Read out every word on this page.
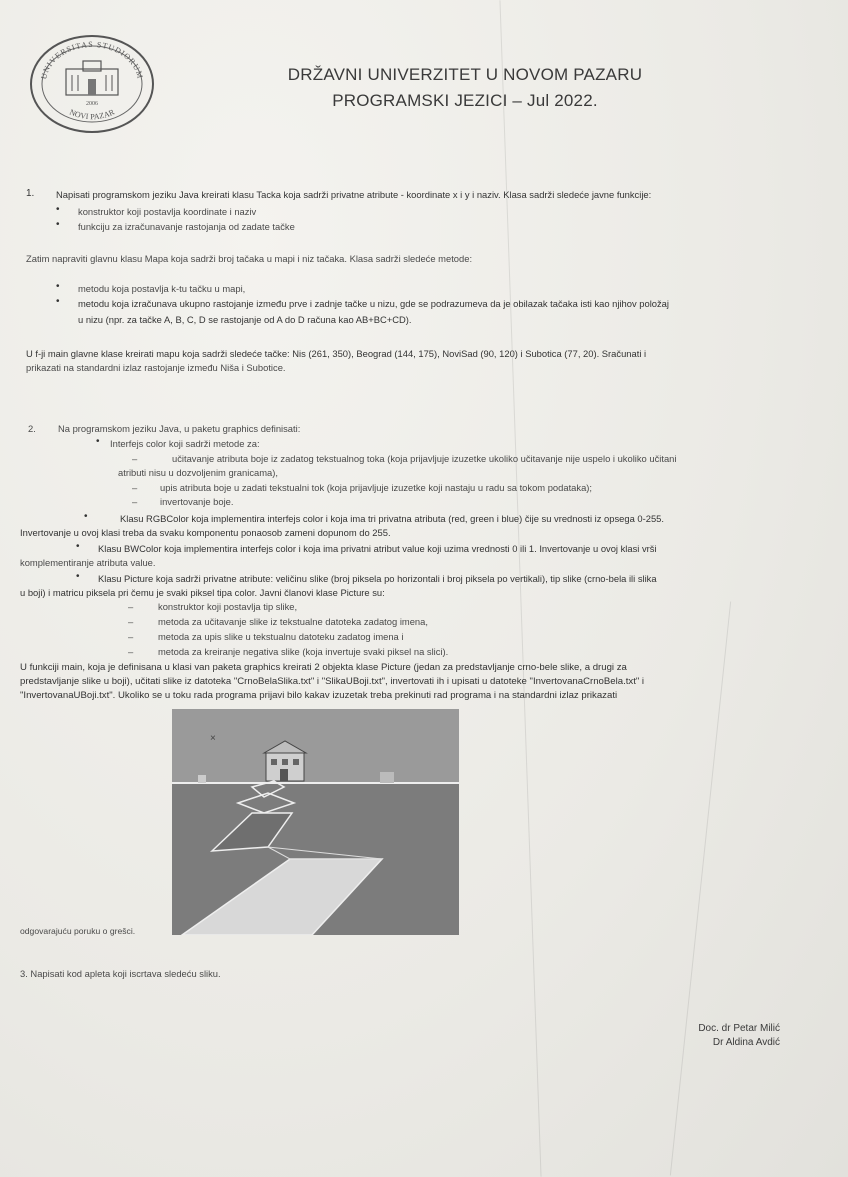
UNIVERSITAS STUDIORUM
NOVI PAZAR
2006
DRŽAVNI UNIVERZITET U NOVOM PAZARU
PROGRAMSKI JEZICI – Jul 2022.
1. Napisati programskom jeziku Java kreirati klasu Tacka koja sadrži privatne atribute - koordinate x i y i naziv. Klasa sadrži sledeće javne funkcije:
• konstruktor koji postavlja koordinate i naziv
• funkciju za izračunavanje rastojanja od zadate tačke
Zatim napraviti glavnu klasu Mapa koja sadrži broj tačaka u mapi i niz tačaka. Klasa sadrži sledeće metode:
• metodu koja postavlja k-tu tačku u mapi,
• metodu koja izračunava ukupno rastojanje između prve i zadnje tačke u nizu, gde se podrazumeva da je obilazak tačaka isti kao njihov položaj
u nizu (npr. za tačke A, B, C, D se rastojanje od A do D računa kao AB+BC+CD).
U f-ji main glavne klase kreirati mapu koja sadrži sledeće tačke: Nis (261, 350), Beograd (144, 175), NoviSad (90, 120) i Subotica (77, 20). Sračunati i
prikazati na standardni izlaz rastojanje između Niša i Subotice.
2. Na programskom jeziku Java, u paketu graphics definisati:
• Interfejs color koji sadrži metode za:
–	učitavanje atributa boje iz zadatog tekstualnog toka (koja prijavljuje izuzetke ukoliko učitavanje nije uspelo i ukoliko učitani
atributi nisu u dozvoljenim granicama),
– upis atributa boje u zadati tekstualni tok (koja prijavljuje izuzetke koji nastaju u radu sa tokom podataka);
– invertovanje boje.
•	Klasu RGBColor koja implementira interfejs color i koja ima tri privatna atributa (red, green i blue) čije su vrednosti iz opsega 0-255.
Invertovanje u ovoj klasi treba da svaku komponentu ponaosob zameni dopunom do 255.
• Klasu BWColor koja implementira interfejs color i koja ima privatni atribut value koji uzima vrednosti 0 ili 1. Invertovanje u ovoj klasi vrši
komplementiranje atributa value.
• Klasu Picture koja sadrži privatne atribute: veličinu slike (broj piksela po horizontali i broj piksela po vertikali), tip slike (crno-bela ili slika
u boji) i matricu piksela pri čemu je svaki piksel tipa color. Javni članovi klase Picture su:
–	konstruktor koji postavlja tip slike,
–	metoda za učitavanje slike iz tekstualne datoteka zadatog imena,
–	metoda za upis slike u tekstualnu datoteku zadatog imena i
–	metoda za kreiranje negativa slike (koja invertuje svaki piksel na slici).
U funkciji main, koja je definisana u klasi van paketa graphics kreirati 2 objekta klase Picture (jedan za predstavljanje crno-bele slike, a drugi za
predstavljanje slike u boji), učitati slike iz datoteka "CrnoBelaSlika.txt" i "SlikaUBoji.txt", invertovati ih i upisati u datoteke "InvertovanaCrnoBela.txt" i
"InvertovanaUBoji.txt". Ukoliko se u toku rada programa prijavi bilo kakav izuzetak treba prekinuti rad programa i na standardni izlaz prikazati
odgovarajuću poruku o grešci.
×
3. Napisati kod apleta koji iscrtava sledeću sliku.
Doc. dr Petar Milić
Dr Aldina Avdić
